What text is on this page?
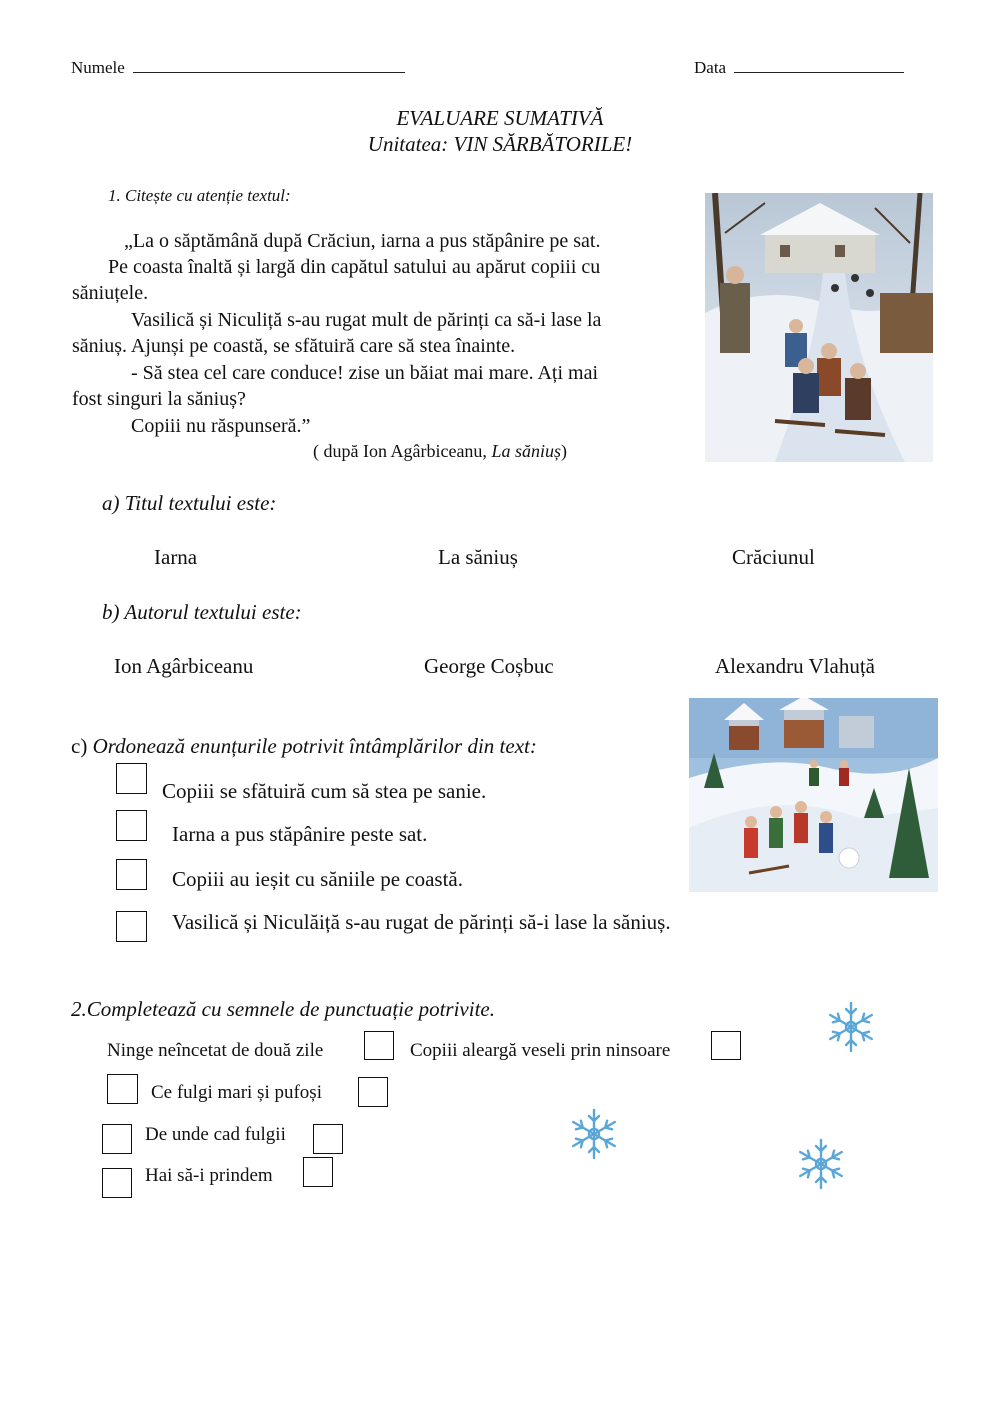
Numele	Data
EVALUARE SUMATIVĂ
Unitatea: VIN SĂRBĂTORILE!
1. Citește cu atenție textul:
„La o săptămână după Crăciun, iarna a pus stăpânire pe sat.
Pe coasta înaltă și largă din capătul satului au apărut copiii cu
săniuțele.
Vasilică și Niculiță s-au rugat mult de părinți ca să-i lase la
săniuș. Ajunși pe coastă, se sfătuiră care să stea înainte.
- Să stea cel care conduce! zise un băiat mai mare. Ați mai
fost singuri la săniuș?
Copiii nu răspunseră.”
( după Ion Agârbiceanu, La săniuș)
a) Titul textului este:
Iarna	La săniuș	Crăciunul
b) Autorul textului este:
Ion Agârbiceanu	George Coșbuc	Alexandru Vlahuță
c) Ordonează enunțurile potrivit întâmplărilor din text:
Copiii se sfătuiră cum să stea pe sanie.
Iarna a pus stăpânire peste sat.
Copiii au ieșit cu săniile pe coastă.
Vasilică și Niculăiță s-au rugat de părinți să-i lase la săniuș.
2.Completează cu semnele de punctuație potrivite.
Ninge neîncetat de două zile	Copiii aleargă veseli prin ninsoare
Ce fulgi mari și pufoși
De unde cad fulgii
Hai să-i prindem
